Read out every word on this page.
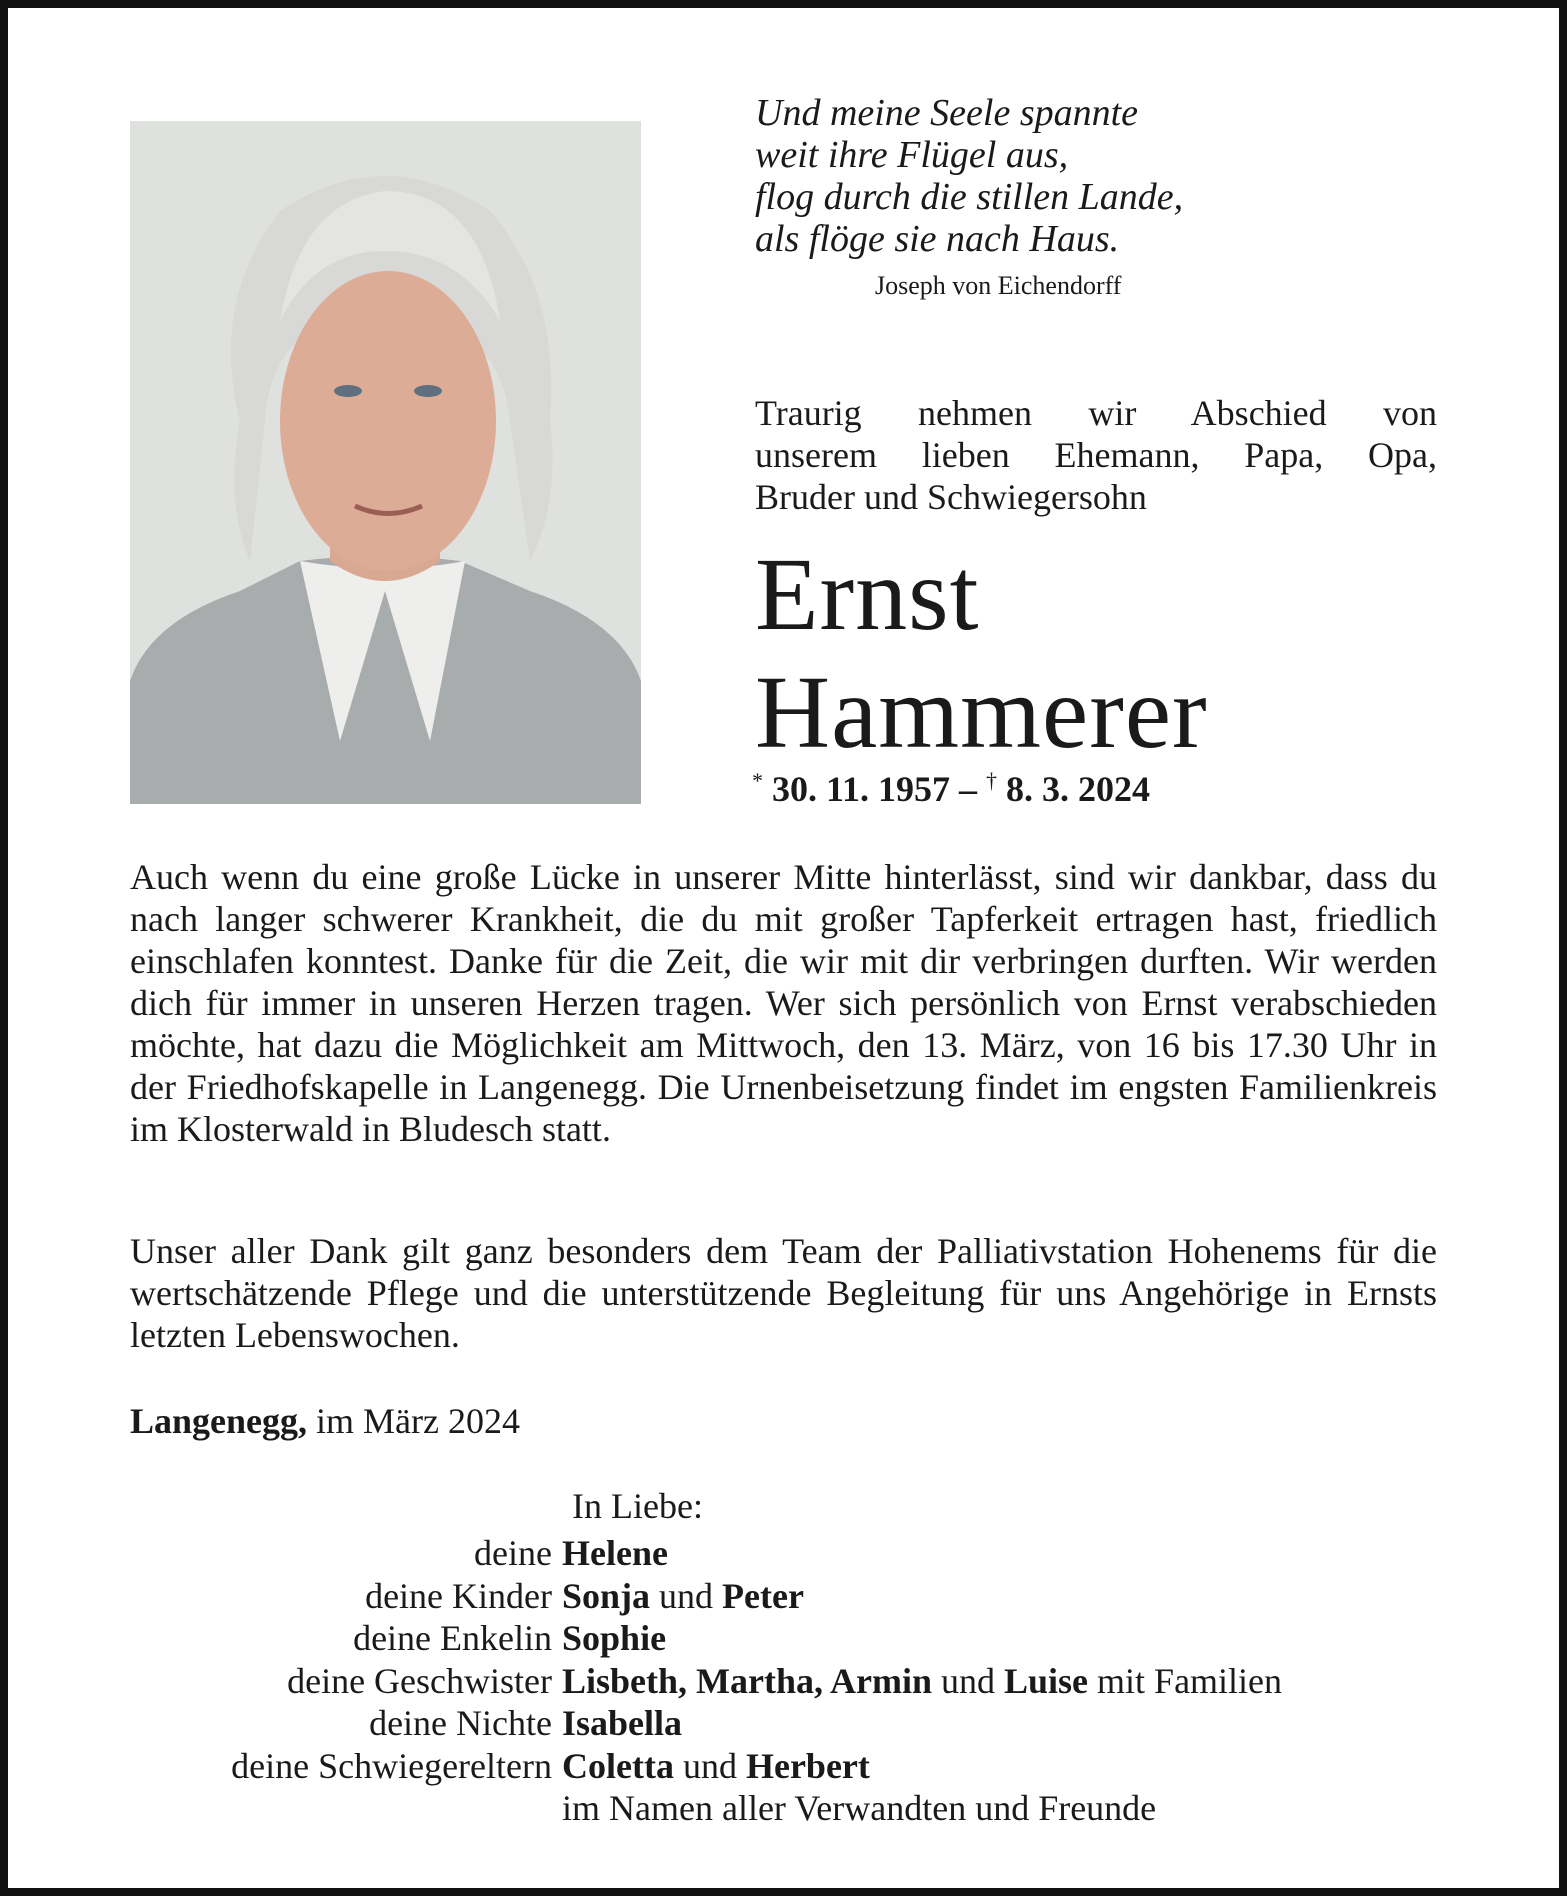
Und meine Seele spannte
weit ihre Flügel aus,
flog durch die stillen Lande,
als flöge sie nach Haus.
Joseph von Eichendorff
Traurig nehmen wir Abschied von
unserem lieben Ehemann, Papa, Opa,
Bruder und Schwiegersohn
Ernst
Hammerer
* 30. 11. 1957 – † 8. 3. 2024
Auch wenn du eine große Lücke in unserer Mitte hinterlässt, sind wir dankbar, dass du nach langer schwerer Krankheit, die du mit großer Tapferkeit ertragen hast, friedlich einschlafen konntest. Danke für die Zeit, die wir mit dir verbringen durften. Wir werden dich für immer in unseren Herzen tragen. Wer sich persönlich von Ernst verabschieden möchte, hat dazu die Möglichkeit am Mittwoch, den 13. März, von 16 bis 17.30 Uhr in der Friedhofskapelle in Langenegg. Die Urnenbeisetzung findet im engsten Familienkreis im Klosterwald in Bludesch statt.
Unser aller Dank gilt ganz besonders dem Team der Palliativstation Hohenems für die wertschätzende Pflege und die unterstützende Begleitung für uns Angehörige in Ernsts letzten Lebenswochen.
Langenegg, im März 2024
In Liebe:
deine Helene
deine Kinder Sonja und Peter
deine Enkelin Sophie
deine Geschwister Lisbeth, Martha, Armin und Luise mit Familien
deine Nichte Isabella
deine Schwiegereltern Coletta und Herbert
im Namen aller Verwandten und Freunde
